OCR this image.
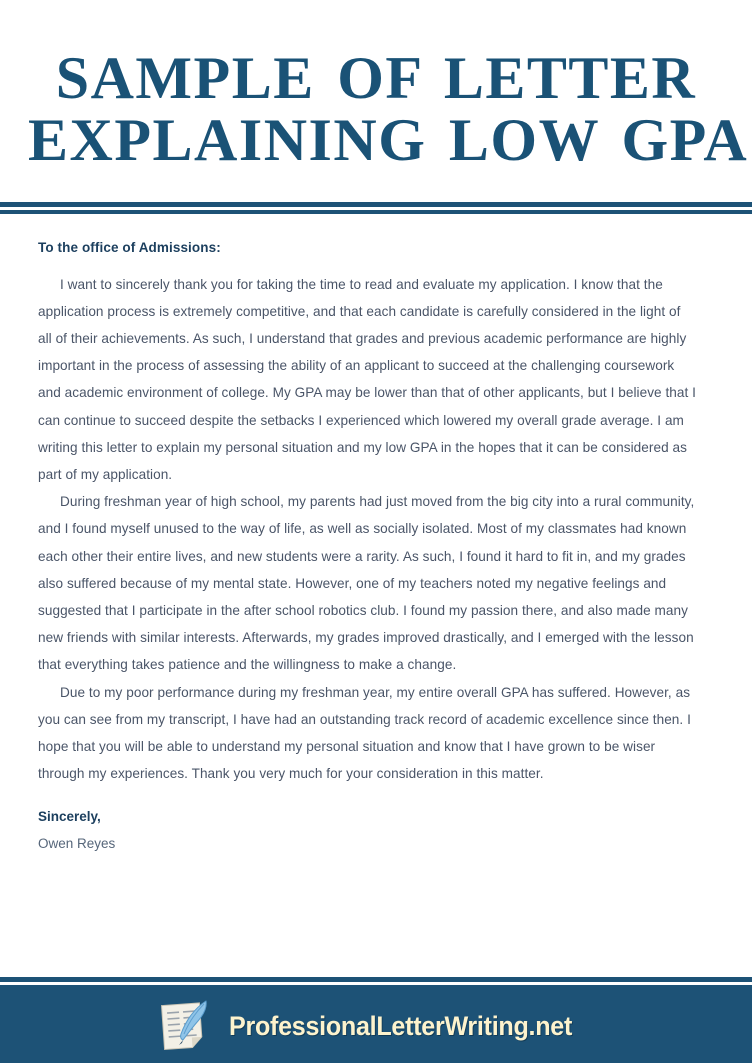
SAMPLE OF LETTER
EXPLAINING LOW GPA

To the office of Admissions:

I want to sincerely thank you for taking the time to read and evaluate my application. I know that the application process is extremely competitive, and that each candidate is carefully considered in the light of all of their achievements. As such, I understand that grades and previous academic performance are highly important in the process of assessing the ability of an applicant to succeed at the challenging coursework and academic environment of college. My GPA may be lower than that of other applicants, but I believe that I can continue to succeed despite the setbacks I experienced which lowered my overall grade average. I am writing this letter to explain my personal situation and my low GPA in the hopes that it can be considered as part of my application.

During freshman year of high school, my parents had just moved from the big city into a rural community, and I found myself unused to the way of life, as well as socially isolated. Most of my classmates had known each other their entire lives, and new students were a rarity. As such, I found it hard to fit in, and my grades also suffered because of my mental state. However, one of my teachers noted my negative feelings and suggested that I participate in the after school robotics club. I found my passion there, and also made many new friends with similar interests. Afterwards, my grades improved drastically, and I emerged with the lesson that everything takes patience and the willingness to make a change.

Due to my poor performance during my freshman year, my entire overall GPA has suffered. However, as you can see from my transcript, I have had an outstanding track record of academic excellence since then. I hope that you will be able to understand my personal situation and know that I have grown to be wiser through my experiences. Thank you very much for your consideration in this matter.

Sincerely,

Owen Reyes

ProfessionalLetterWriting.net
